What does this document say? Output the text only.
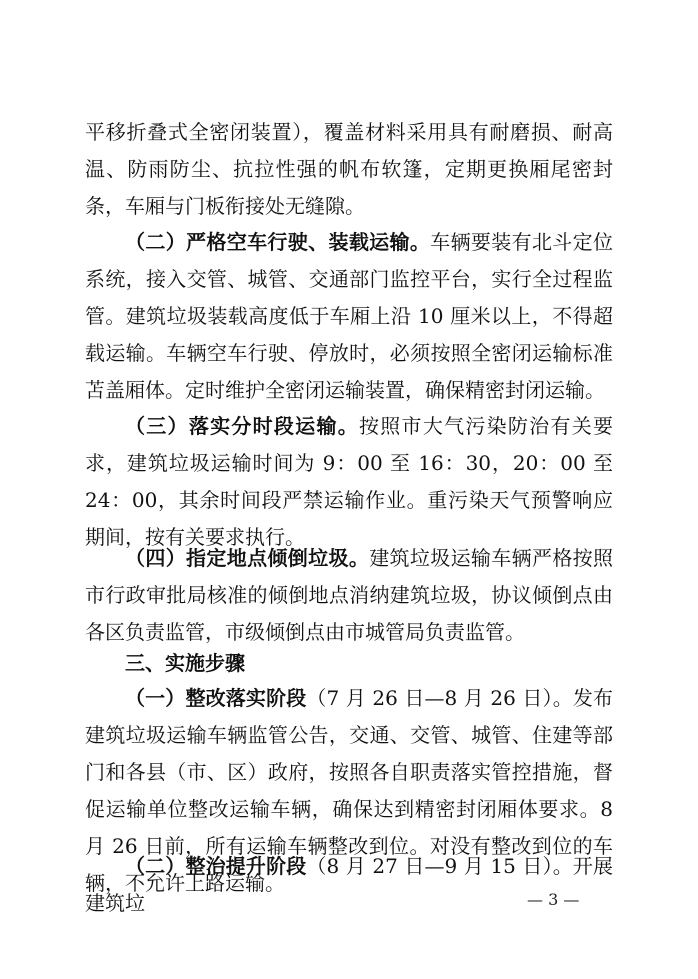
平移折叠式全密闭装置），覆盖材料采用具有耐磨损、耐高温、防雨防尘、抗拉性强的帆布软篷，定期更换厢尾密封条，车厢与门板衔接处无缝隙。
（二）严格空车行驶、装载运输。车辆要装有北斗定位系统，接入交管、城管、交通部门监控平台，实行全过程监管。建筑垃圾装载高度低于车厢上沿 10 厘米以上，不得超载运输。车辆空车行驶、停放时，必须按照全密闭运输标准苫盖厢体。定时维护全密闭运输装置，确保精密封闭运输。
（三）落实分时段运输。按照市大气污染防治有关要求，建筑垃圾运输时间为 9：00 至 16：30，20：00 至 24：00，其余时间段严禁运输作业。重污染天气预警响应期间，按有关要求执行。
（四）指定地点倾倒垃圾。建筑垃圾运输车辆严格按照市行政审批局核准的倾倒地点消纳建筑垃圾，协议倾倒点由各区负责监管，市级倾倒点由市城管局负责监管。
三、实施步骤
（一）整改落实阶段（7 月 26 日—8 月 26 日）。发布建筑垃圾运输车辆监管公告，交通、交管、城管、住建等部门和各县（市、区）政府，按照各自职责落实管控措施，督促运输单位整改运输车辆，确保达到精密封闭厢体要求。8 月 26 日前，所有运输车辆整改到位。对没有整改到位的车辆，不允许上路运输。
（二）整治提升阶段（8 月 27 日—9 月 15 日）。开展建筑垃	— 3 —
